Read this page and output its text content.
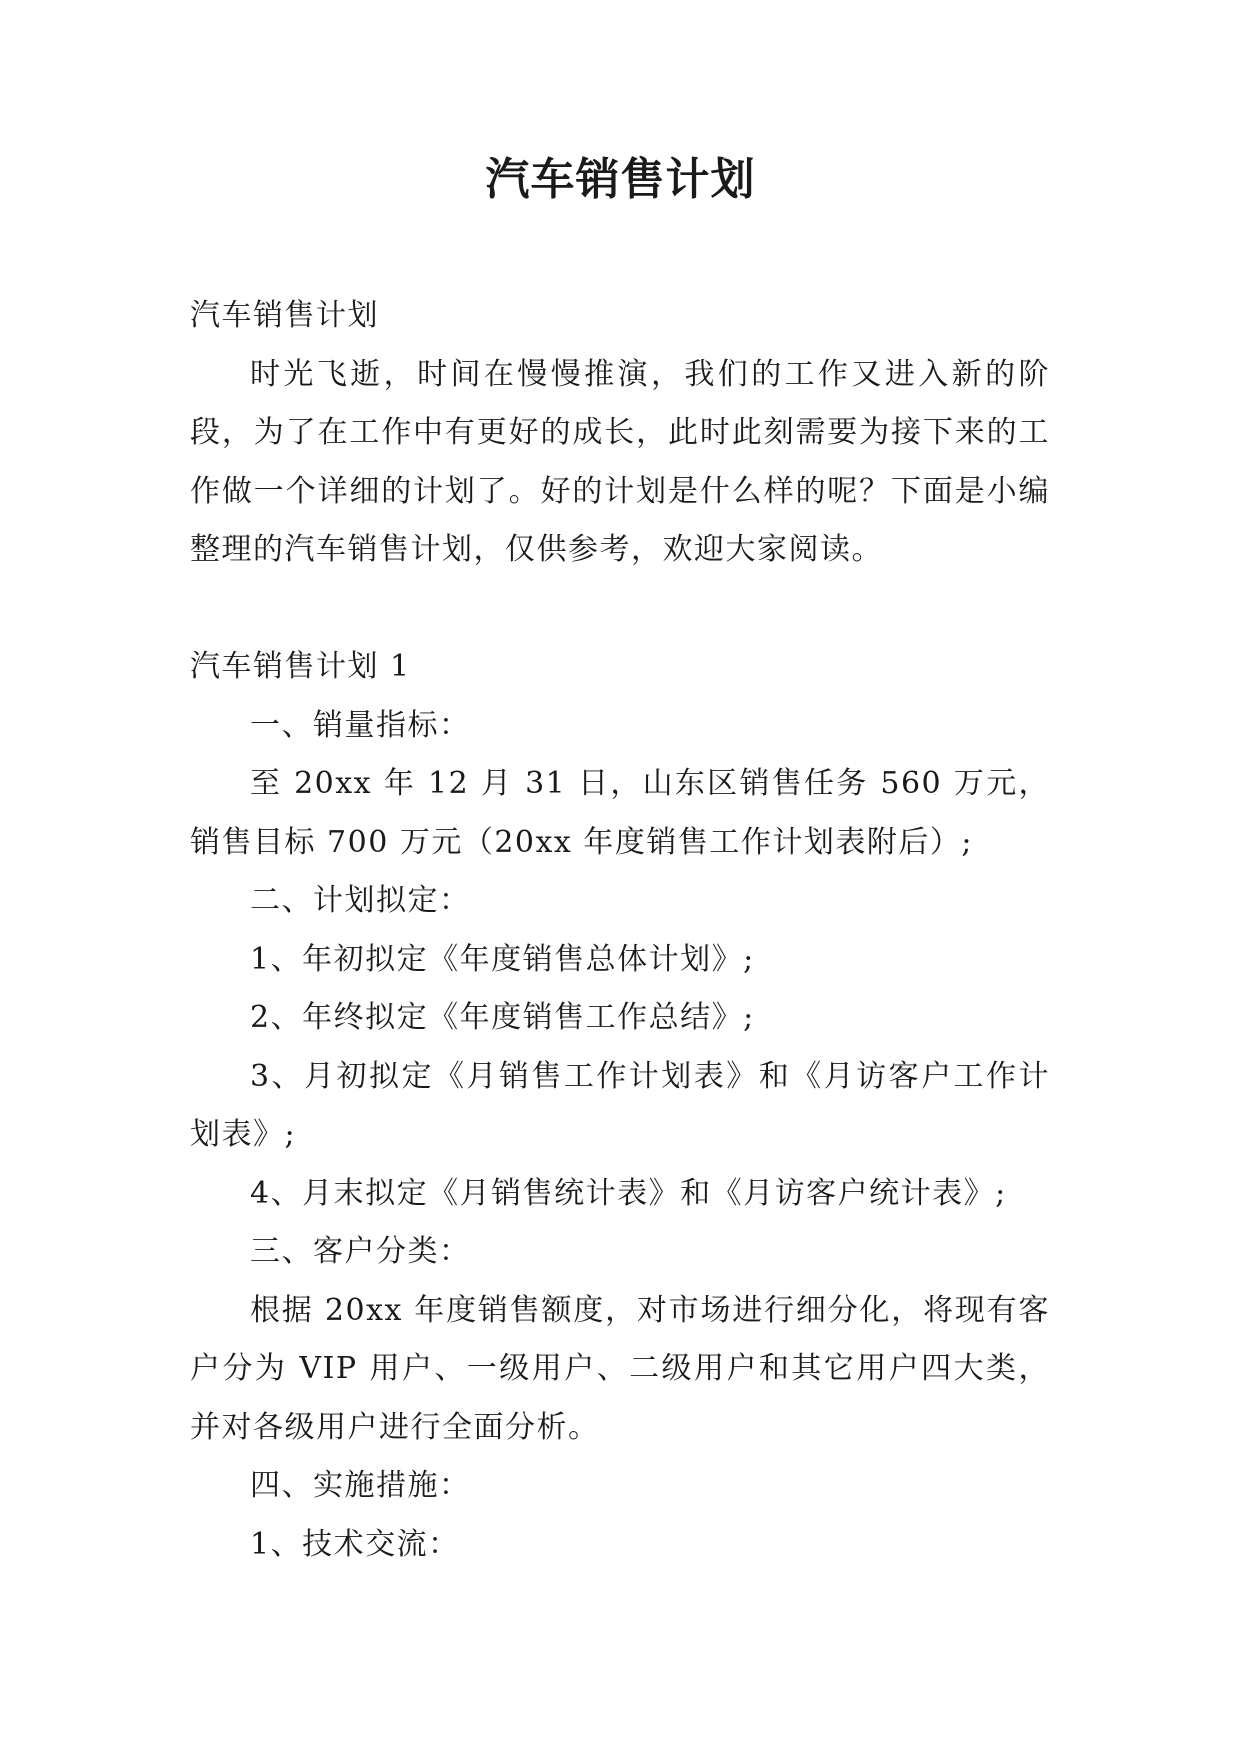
汽车销售计划

汽车销售计划

时光飞逝，时间在慢慢推演，我们的工作又进入新的阶段，为了在工作中有更好的成长，此时此刻需要为接下来的工作做一个详细的计划了。好的计划是什么样的呢？下面是小编整理的汽车销售计划，仅供参考，欢迎大家阅读。

汽车销售计划 1

一、销量指标：

至 20xx 年 12 月 31 日，山东区销售任务 560 万元，销售目标 700 万元（20xx 年度销售工作计划表附后）;

二、计划拟定：

1、年初拟定《年度销售总体计划》;

2、年终拟定《年度销售工作总结》;

3、月初拟定《月销售工作计划表》和《月访客户工作计划表》;

4、月末拟定《月销售统计表》和《月访客户统计表》;

三、客户分类：

根据 20xx 年度销售额度，对市场进行细分化，将现有客户分为 VIP 用户、一级用户、二级用户和其它用户四大类，并对各级用户进行全面分析。

四、实施措施：

1、技术交流：
